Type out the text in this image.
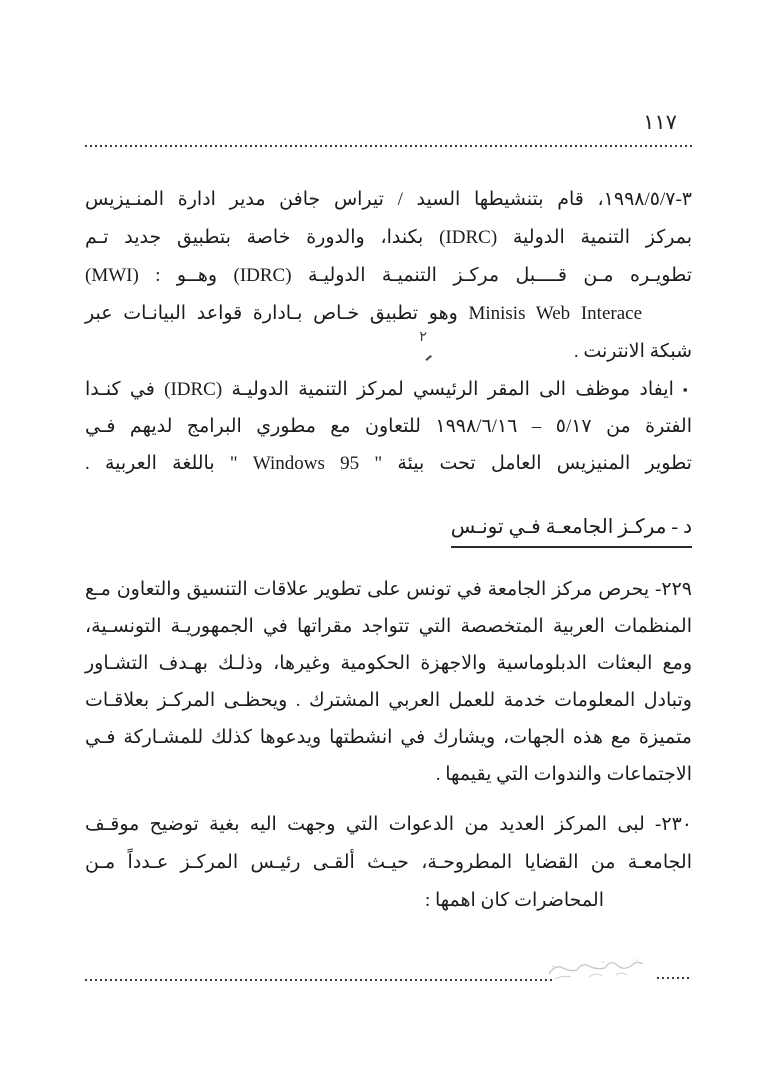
١١٧
٣-١٩٩٨/٥/٧، قام بتنشيطها السيد / تيراس جافن مدير ادارة المنـيزيس
بمركز التنمية الدولية (IDRC) بكندا، والدورة خاصة بتطبيق جديد تـم
تطويـره مـن قــــبل مركـز التنميـة الدوليـة (IDRC) وهــو : (MWI)
Minisis Web Interace وهو تطبيق خـاص بـادارة قواعد البيانـات عبر
شبكة الانترنت .
٢
▪ايفاد موظف الى المقر الرئيسي لمركز التنمية الدوليـة (IDRC) في كنـدا
الفترة من ٥/١٧ – ١٩٩٨/٦/١٦ للتعاون مع مطوري البرامج لديهم فـي
تطوير المنيزيس العامل تحت بيئة " Windows 95 " باللغة العربية .
د - مركـز الجامعـة فـي تونـس
٢٢٩- يحرص مركز الجامعة في تونس على تطوير علاقات التنسيق والتعاون مـع
المنظمات العربية المتخصصة التي تتواجد مقراتها في الجمهوريـة التونسـية،
ومع البعثات الدبلوماسية والاجهزة الحكومية وغيرها، وذلـك بهـدف التشـاور
وتبادل المعلومات خدمة للعمل العربي المشترك . ويحظـى المركـز بعلاقـات
متميزة مع هذه الجهات، ويشارك في انشطتها ويدعوها كذلك للمشـاركة فـي
الاجتماعات والندوات التي يقيمها .
٢٣٠- لبى المركز العديد من الدعوات التي وجهت اليه بغية توضيح موقـف
الجامعـة من القضايا المطروحـة، حيـث ألقـى رئيـس المركـز عـدداً مـن
المحاضرات كان اهمها :
